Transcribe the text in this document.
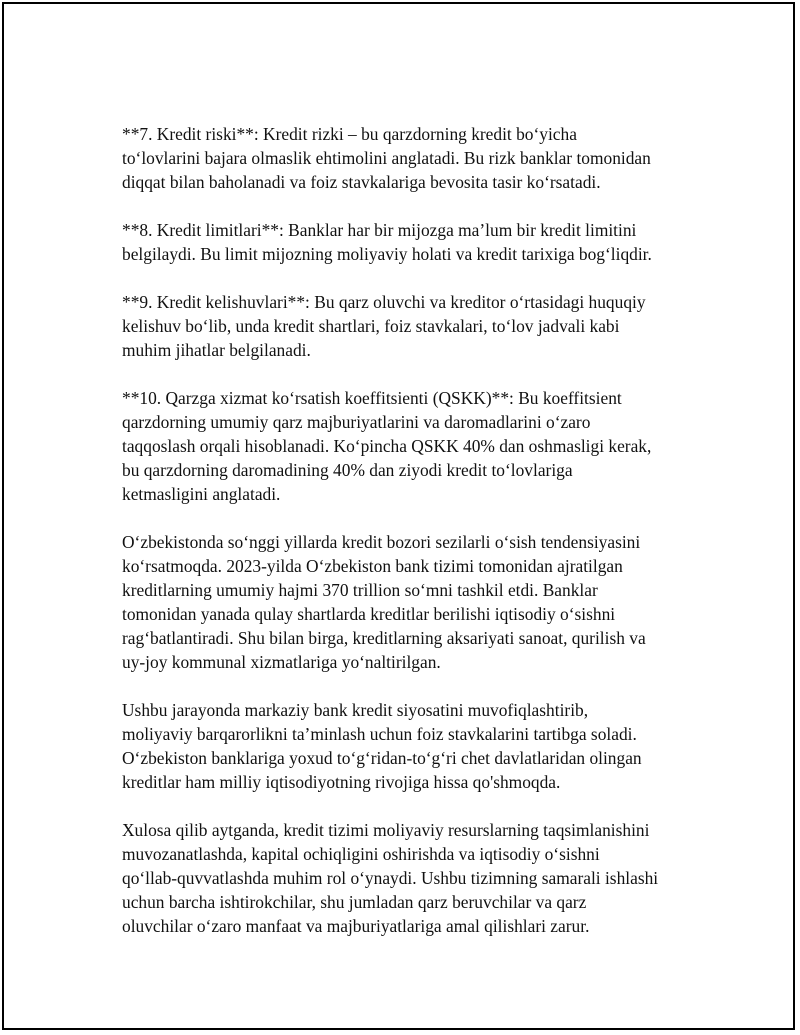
**7. Kredit riski**: Kredit rizki – bu qarzdorning kredit bo‘yicha
to‘lovlarini bajara olmaslik ehtimolini anglatadi. Bu rizk banklar tomonidan
diqqat bilan baholanadi va foiz stavkalariga bevosita tasir ko‘rsatadi.

**8. Kredit limitlari**: Banklar har bir mijozga ma’lum bir kredit limitini
belgilaydi. Bu limit mijozning moliyaviy holati va kredit tarixiga bog‘liqdir.

**9. Kredit kelishuvlari**: Bu qarz oluvchi va kreditor o‘rtasidagi huquqiy
kelishuv bo‘lib, unda kredit shartlari, foiz stavkalari, to‘lov jadvali kabi
muhim jihatlar belgilanadi.

**10. Qarzga xizmat ko‘rsatish koeffitsienti (QSKK)**: Bu koeffitsient
qarzdorning umumiy qarz majburiyatlarini va daromadlarini o‘zaro
taqqoslash orqali hisoblanadi. Ko‘pincha QSKK 40% dan oshmasligi kerak,
bu qarzdorning daromadining 40% dan ziyodi kredit to‘lovlariga
ketmasligini anglatadi.

O‘zbekistonda so‘nggi yillarda kredit bozori sezilarli o‘sish tendensiyasini
ko‘rsatmoqda. 2023-yilda O‘zbekiston bank tizimi tomonidan ajratilgan
kreditlarning umumiy hajmi 370 trillion so‘mni tashkil etdi. Banklar
tomonidan yanada qulay shartlarda kreditlar berilishi iqtisodiy o‘sishni
rag‘batlantiradi. Shu bilan birga, kreditlarning aksariyati sanoat, qurilish va
uy-joy kommunal xizmatlariga yo‘naltirilgan.

Ushbu jarayonda markaziy bank kredit siyosatini muvofiqlashtirib,
moliyaviy barqarorlikni ta’minlash uchun foiz stavkalarini tartibga soladi.
O‘zbekiston banklariga yoxud to‘g‘ridan-to‘g‘ri chet davlatlaridan olingan
kreditlar ham milliy iqtisodiyotning rivojiga hissa qo'shmoqda.

Xulosa qilib aytganda, kredit tizimi moliyaviy resurslarning taqsimlanishini
muvozanatlashda, kapital ochiqligini oshirishda va iqtisodiy o‘sishni
qo‘llab-quvvatlashda muhim rol o‘ynaydi. Ushbu tizimning samarali ishlashi
uchun barcha ishtirokchilar, shu jumladan qarz beruvchilar va qarz
oluvchilar o‘zaro manfaat va majburiyatlariga amal qilishlari zarur.
